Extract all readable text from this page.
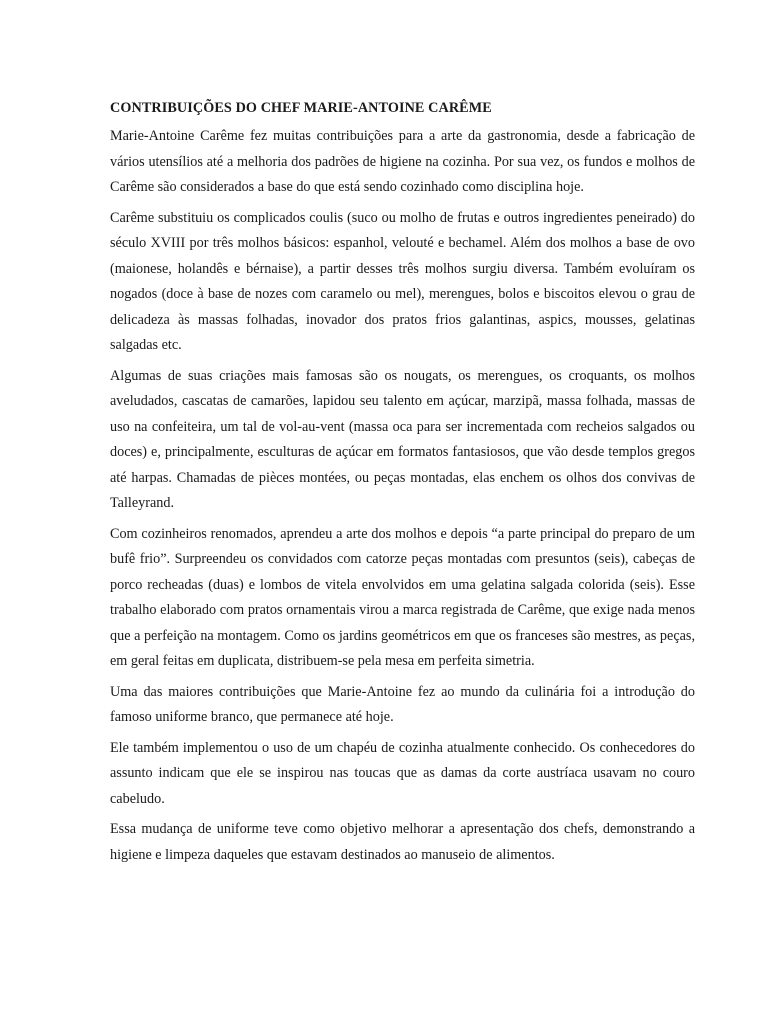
CONTRIBUIÇÕES DO CHEF MARIE-ANTOINE CARÊME

Marie-Antoine Carême fez muitas contribuições para a arte da gastronomia, desde a fabricação de vários utensílios até a melhoria dos padrões de higiene na cozinha. Por sua vez, os fundos e molhos de Carême são considerados a base do que está sendo cozinhado como disciplina hoje.

Carême substituiu os complicados coulis (suco ou molho de frutas e outros ingredientes peneirado) do século XVIII por três molhos básicos: espanhol, velouté e bechamel. Além dos molhos a base de ovo (maionese, holandês e bérnaise), a partir desses três molhos surgiu diversa. Também evoluíram os nogados (doce à base de nozes com caramelo ou mel), merengues, bolos e biscoitos elevou o grau de delicadeza às massas folhadas, inovador dos pratos frios galantinas, aspics, mousses, gelatinas salgadas etc.

Algumas de suas criações mais famosas são os nougats, os merengues, os croquants, os molhos aveludados, cascatas de camarões, lapidou seu talento em açúcar, marzipã, massa folhada, massas de uso na confeiteira, um tal de vol-au-vent (massa oca para ser incrementada com recheios salgados ou doces) e, principalmente, esculturas de açúcar em formatos fantasiosos, que vão desde templos gregos até harpas. Chamadas de pièces montées, ou peças montadas, elas enchem os olhos dos convivas de Talleyrand.

Com cozinheiros renomados, aprendeu a arte dos molhos e depois “a parte principal do preparo de um bufê frio”. Surpreendeu os convidados com catorze peças montadas com presuntos (seis), cabeças de porco recheadas (duas) e lombos de vitela envolvidos em uma gelatina salgada colorida (seis). Esse trabalho elaborado com pratos ornamentais virou a marca registrada de Carême, que exige nada menos que a perfeição na montagem. Como os jardins geométricos em que os franceses são mestres, as peças, em geral feitas em duplicata, distribuem-se pela mesa em perfeita simetria.

Uma das maiores contribuições que Marie-Antoine fez ao mundo da culinária foi a introdução do famoso uniforme branco, que permanece até hoje.

Ele também implementou o uso de um chapéu de cozinha atualmente conhecido. Os conhecedores do assunto indicam que ele se inspirou nas toucas que as damas da corte austríaca usavam no couro cabeludo.

Essa mudança de uniforme teve como objetivo melhorar a apresentação dos chefs, demonstrando a higiene e limpeza daqueles que estavam destinados ao manuseio de alimentos.
